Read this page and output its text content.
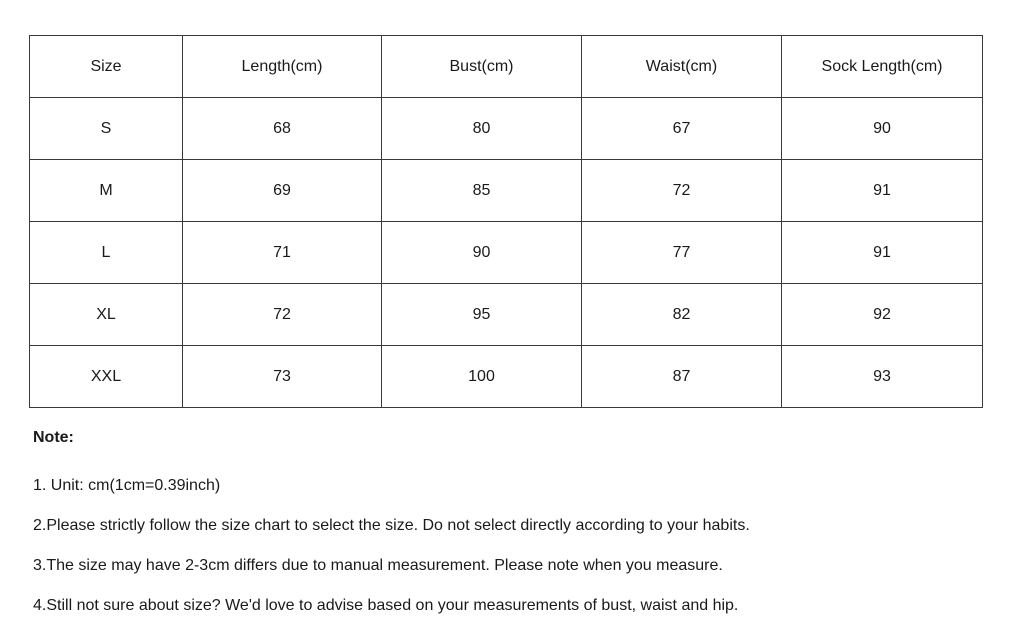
Size	Length(cm)	Bust(cm)	Waist(cm)	Sock Length(cm)
S	68	80	67	90
M	69	85	72	91
L	71	90	77	91
XL	72	95	82	92
XXL	73	100	87	93
Note:
1. Unit: cm(1cm=0.39inch)
2.Please strictly follow the size chart to select the size. Do not select directly according to your habits.
3.The size may have 2-3cm differs due to manual measurement. Please note when you measure.
4.Still not sure about size? We'd love to advise based on your measurements of bust, waist and hip.
